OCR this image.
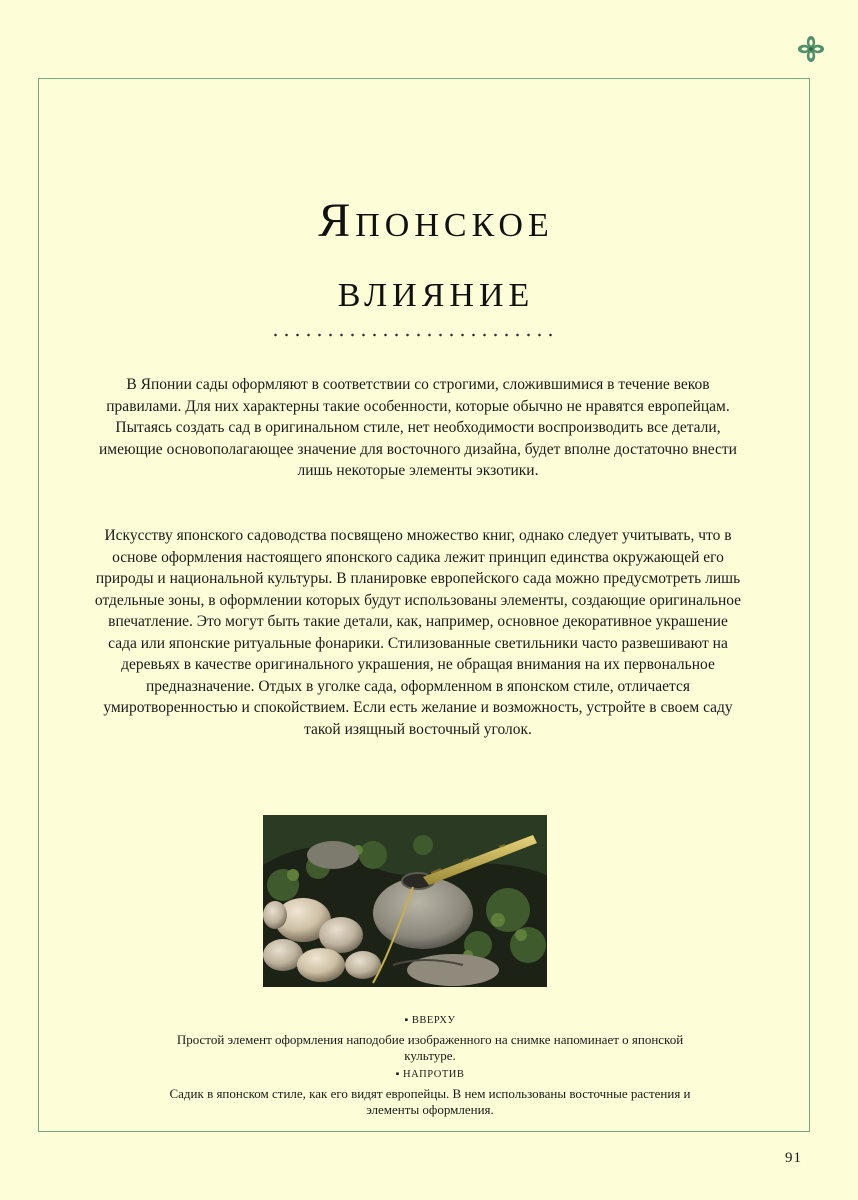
Японское
влияние

В Японии сады оформляют в соответствии со строгими, сложившимися в течение веков правилами. Для них характерны такие особенности, которые обычно не нравятся европейцам. Пытаясь создать сад в оригинальном стиле, нет необходимости воспроизводить все детали, имеющие основополагающее значение для восточного дизайна, будет вполне достаточно внести лишь некоторые элементы экзотики.

Искусству японского садоводства посвящено множество книг, однако следует учитывать, что в основе оформления настоящего японского садика лежит принцип единства окружающей его природы и национальной культуры. В планировке европейского сада можно предусмотреть лишь отдельные зоны, в оформлении которых будут использованы элементы, создающие оригинальное впечатление. Это могут быть такие детали, как, например, основное декоративное украшение сада или японские ритуальные фонарики. Стилизованные светильники часто развешивают на деревьях в качестве оригинального украшения, не обращая внимания на их первональное предназначение. Отдых в уголке сада, оформленном в японском стиле, отличается умиротворенностью и спокойствием. Если есть желание и возможность, устройте в своем саду такой изящный восточный уголок.

▪ ВВЕРХУ

Простой элемент оформления наподобие изображенного на снимке напоминает о японской культуре.

▪ НАПРОТИВ

Садик в японском стиле, как его видят европейцы. В нем использованы восточные растения и элементы оформления.

91
